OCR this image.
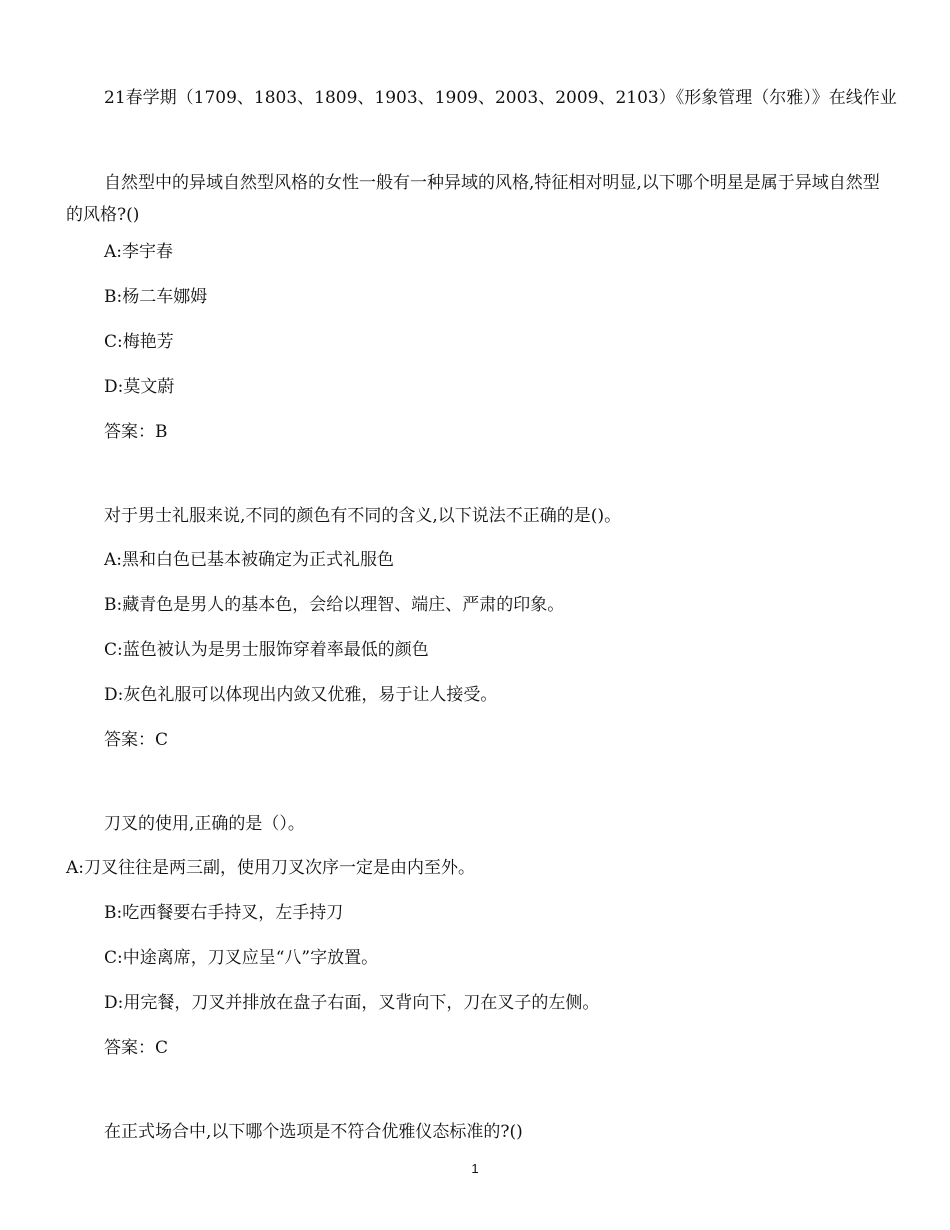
21春学期（1709、1803、1809、1903、1909、2003、2009、2103）《形象管理（尔雅）》在线作业
自然型中的异域自然型风格的女性一般有一种异域的风格,特征相对明显,以下哪个明星是属于异域自然型的风格?()
A:李宇春
B:杨二车娜姆
C:梅艳芳
D:莫文蔚
答案：B
对于男士礼服来说,不同的颜色有不同的含义,以下说法不正确的是()。
A:黑和白色已基本被确定为正式礼服色
B:藏青色是男人的基本色，会给以理智、端庄、严肃的印象。
C:蓝色被认为是男士服饰穿着率最低的颜色
D:灰色礼服可以体现出内敛又优雅，易于让人接受。
答案：C
刀叉的使用,正确的是（）。
A:刀叉往往是两三副，使用刀叉次序一定是由内至外。
B:吃西餐要右手持叉，左手持刀
C:中途离席，刀叉应呈“八”字放置。
D:用完餐，刀叉并排放在盘子右面，叉背向下，刀在叉子的左侧。
答案：C
在正式场合中,以下哪个选项是不符合优雅仪态标准的?()
1
